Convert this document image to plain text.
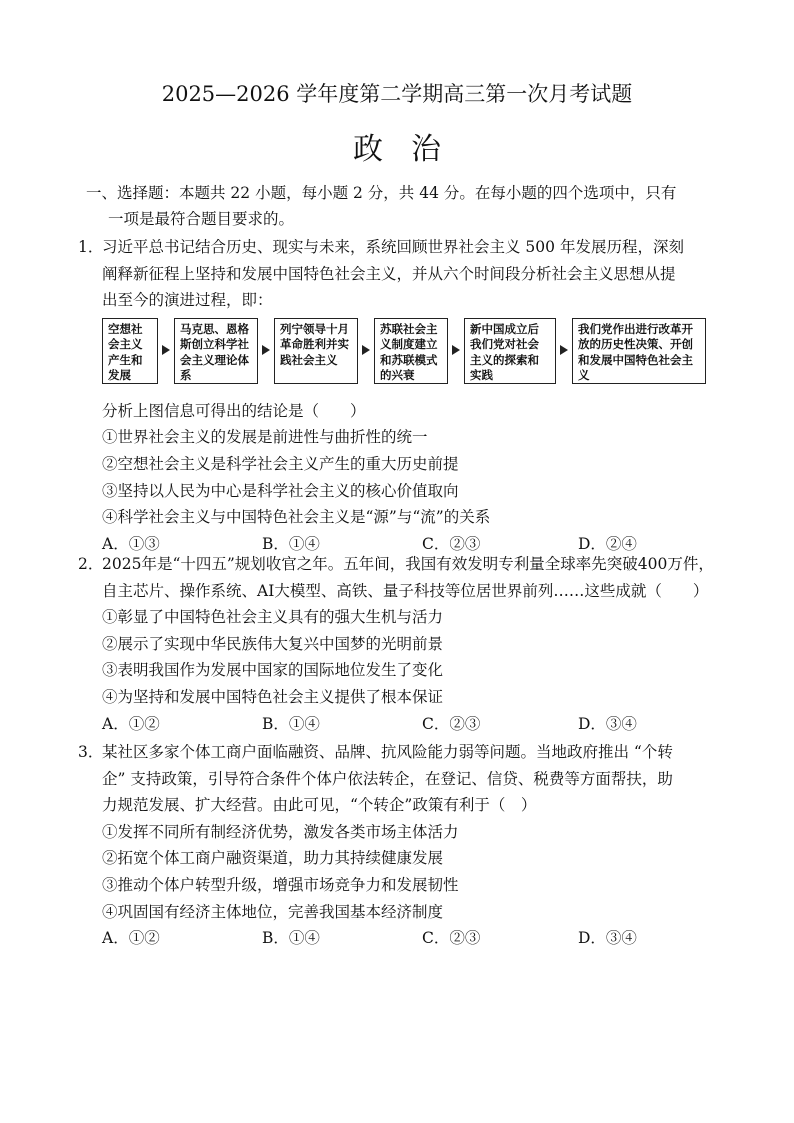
2025—2026 学年度第二学期高三第一次月考试题
政治
一、选择题：本题共 22 小题，每小题 2 分，共 44 分。在每小题的四个选项中，只有
一项是最符合题目要求的。
1．习近平总书记结合历史、现实与未来，系统回顾世界社会主义 500 年发展历程，深刻
阐释新征程上坚持和发展中国特色社会主义，并从六个时间段分析社会主义思想从提
出至今的演进过程，即：
空想社会主义产生和发展
马克思、恩格斯创立科学社会主义理论体系
列宁领导十月革命胜利并实践社会主义
苏联社会主义制度建立和苏联模式的兴衰
新中国成立后我们党对社会主义的探索和实践
我们党作出进行改革开放的历史性决策、开创和发展中国特色社会主义
分析上图信息可得出的结论是（　　）
①世界社会主义的发展是前进性与曲折性的统一
②空想社会主义是科学社会主义产生的重大历史前提
③坚持以人民为中心是科学社会主义的核心价值取向
④科学社会主义与中国特色社会主义是“源”与“流”的关系
A．①③	B．①④	C．②③	D．②④
2．2025年是“十四五”规划收官之年。五年间，我国有效发明专利量全球率先突破400万件，
自主芯片、操作系统、AI大模型、高铁、量子科技等位居世界前列……这些成就（　　）
①彰显了中国特色社会主义具有的强大生机与活力
②展示了实现中华民族伟大复兴中国梦的光明前景
③表明我国作为发展中国家的国际地位发生了变化
④为坚持和发展中国特色社会主义提供了根本保证
A．①②	B．①④	C．②③	D．③④
3．某社区多家个体工商户面临融资、品牌、抗风险能力弱等问题。当地政府推出 “个转
企” 支持政策，引导符合条件个体户依法转企，在登记、信贷、税费等方面帮扶，助
力规范发展、扩大经营。由此可见，“个转企”政策有利于（　）
①发挥不同所有制经济优势，激发各类市场主体活力
②拓宽个体工商户融资渠道，助力其持续健康发展
③推动个体户转型升级，增强市场竞争力和发展韧性
④巩固国有经济主体地位，完善我国基本经济制度
A．①②	B．①④	C．②③	D．③④
